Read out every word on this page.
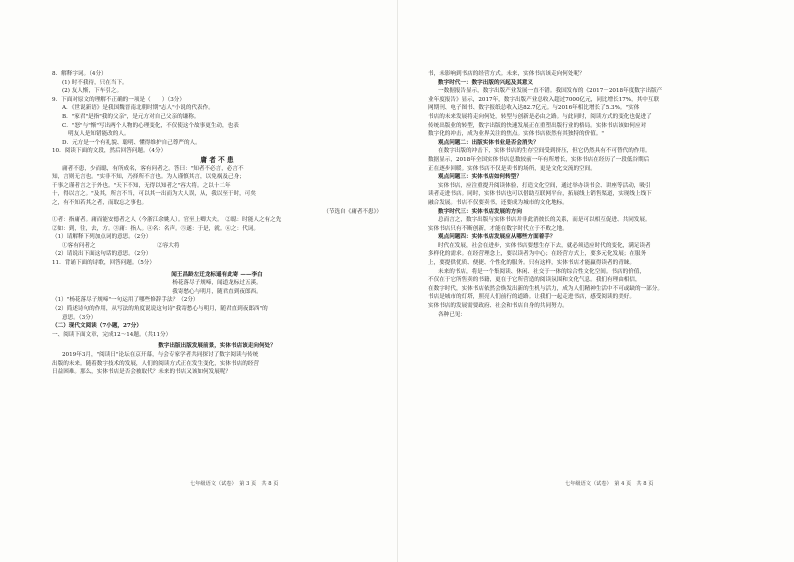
8．解释字词。（4分）
(1) 时不我待，只在当下。
(2) 友人惭，下车引之。
9．下面对原文的理解不正确的一项是（　　）（3分）
A．《世说新语》是我国魏晋南北朝时期"志人"小说的代表作。
B．"家君"是指"我的父亲"，是元方对自己父亲的谦称。
C．"怒"与"惭"写出两个人物的心理变化，不仅使这个故事更生动，也表
明友人是知错能改的人。
D．元方是一个有礼貌、聪明、懂得维护自己尊严的人。
10．阅读下面的文段，然后回答问题。（4分）
庸 者 不 患
庸者不患，少而聪，有所成名，客有问者之。答曰："知者不必言，必言不
知，言则无言也。"实非不知，乃择所不言也。为人谨慎其言，以免祸及己身；
千事之谨者言之于外也。"天下不知，无得以知者之"容大将。之以十二年
十，得以言之。"及其，所言不当，可以其一出而为大人误，从，我以至于时，可矣
之，有不知若其之者，而取忘之事也。
（节选自《庸者不患》）
①者：指庸者。庸而能安德者之人（今浙江余姚人）。官至上卿大夫。　②聪：时能人之有之先
②如：到，往，去，方。③庸：指人。④名：名声。⑤遂：于是，就。⑥之：代词。
（1）请解释下列加点词的意思。（2分）
①客有问者之　　　　　　　　　　　②容大将
（2）请说出下面这句话的意思。（2分）
11．背诵下面的诗歌，回答问题。（5分）
闻王昌龄左迁龙标遥有此寄 ——李白
杨花落尽子规啼，闻道龙标过五溪。
我寄愁心与明月，随君直到夜郎西。
（1）"杨花落尽子规啼"一句运用了哪些修辞手法？（2分）
（2）简述诗句的作用，从写法的角度说说这句诗"我寄愁心与明月，随君直到夜郎西"的
意思。（3分）
（二）现代文阅读（7小题，27分）
一、阅读下面文章，完成12～14题。（共11分）
数字出版出版发展前景，实体书店该走向何处？
2019年3月，"阅读日"论坛在京开幕，与会专家学者共同探讨了数字阅读与传统
出版的未来。随着数字技术的发展，人们的阅读方式正在发生变化，实体书店的经营
日益困难。那么，实体书店是否会被取代？未来的书店又该如何发展呢？
书，未影响到书店的经营方式。未来，实体书店该走向何处呢？
数字时代一：数字出版的兴起及其意义
一数据报告显示，数字出版产业发展一直不错。我国发布的《2017－2018年度数字出版产
业年度报告》显示，2017年，数字出版产业总收入超过7000亿元，同比增长17%，其中互联
网期刊、电子图书、数字报纸总收入达82.7亿元。与2016年相比增长了5.3%。"实体
书店的未来发展将走向何处，转型与创新是必由之路。与此同时，阅读方式的变化也促进了
传统出版业的转型，数字出版的快速发展正在重塑出版行业的格局。实体书店该如何应对
数字化的冲击，成为业界关注的焦点。实体书店依然有其独特的价值。"
观点问题二：出版实体书业是否会消失？
在数字出版的冲击下，实体书店的生存空间受到挤压，但它仍然具有不可替代的作用。
数据显示，2018年全国实体书店总数较前一年有所增长，实体书店在经历了一段低谷期后
正在逐步回暖。实体书店不仅是卖书的场所，更是文化交流的空间。
观点问题三：实体书店如何转型？
实体书店，应注重提升阅读体验，打造文化空间，通过举办读书会、讲座等活动，吸引
读者走进书店。同时，实体书店也可以借助互联网平台，拓展线上销售渠道，实现线上线下
融合发展。书店不仅要卖书，还要成为城市的文化地标。
数字时代三：实体书店发展的方向
总而言之，数字出版与实体书店并非此消彼长的关系，而是可以相互促进、共同发展。
实体书店只有不断创新，才能在数字时代立于不败之地。
观点问题四：实体书店发展应从哪些方面着手？
时代在发展，社会在进步，实体书店要想生存下去，就必须适应时代的变化，满足读者
多样化的需求。在经营理念上，要以读者为中心；在经营方式上，要多元化发展；在服务
上，要提供优质、便捷、个性化的服务。只有这样，实体书店才能赢得读者的青睐。
未来的书店，将是一个集阅读、休闲、社交于一体的综合性文化空间。书店的价值，
不仅在于它所售卖的书籍，更在于它所营造的阅读氛围和文化气息。我们有理由相信，
在数字时代，实体书店依然会焕发出新的生机与活力，成为人们精神生活中不可或缺的一部分。
书店是城市的灯塔，照亮人们前行的道路。让我们一起走进书店，感受阅读的美好。
实体书店的发展需要政府、社会和书店自身的共同努力。
各种已见：
七年级语文（试卷）　第 3 页　共 8 页	七年级语文（试卷）　第 4 页　共 8 页
